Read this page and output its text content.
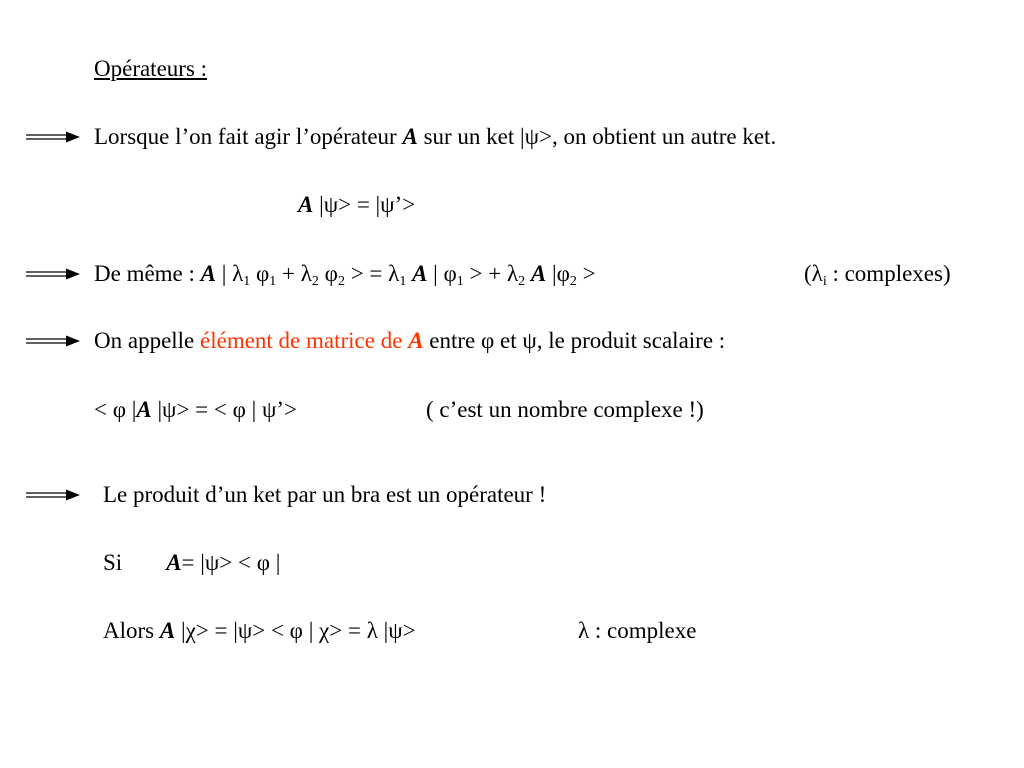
Opérateurs :
Lorsque l’on fait agir l’opérateur A sur un ket |ψ>, on obtient un autre ket.
A |ψ> = |ψ’>
De même : A | $\lambda_1$ $\varphi_1 + \lambda_2$ $\varphi_2$ > = $\lambda_1$ A | $\varphi_1$ > + $\lambda_2$ A $|\varphi_2$ >	($\lambda_i$ : complexes)
On appelle élément de matrice de A entre φ et ψ, le produit scalaire :
< φ |A |ψ> = < φ | ψ’>	( c’est un nombre complexe !)
Le produit d’un ket par un bra est un opérateur !
Si A= |ψ> < φ |
Alors A |χ> = |ψ> < φ | χ> = λ |ψ>	λ : complexe
